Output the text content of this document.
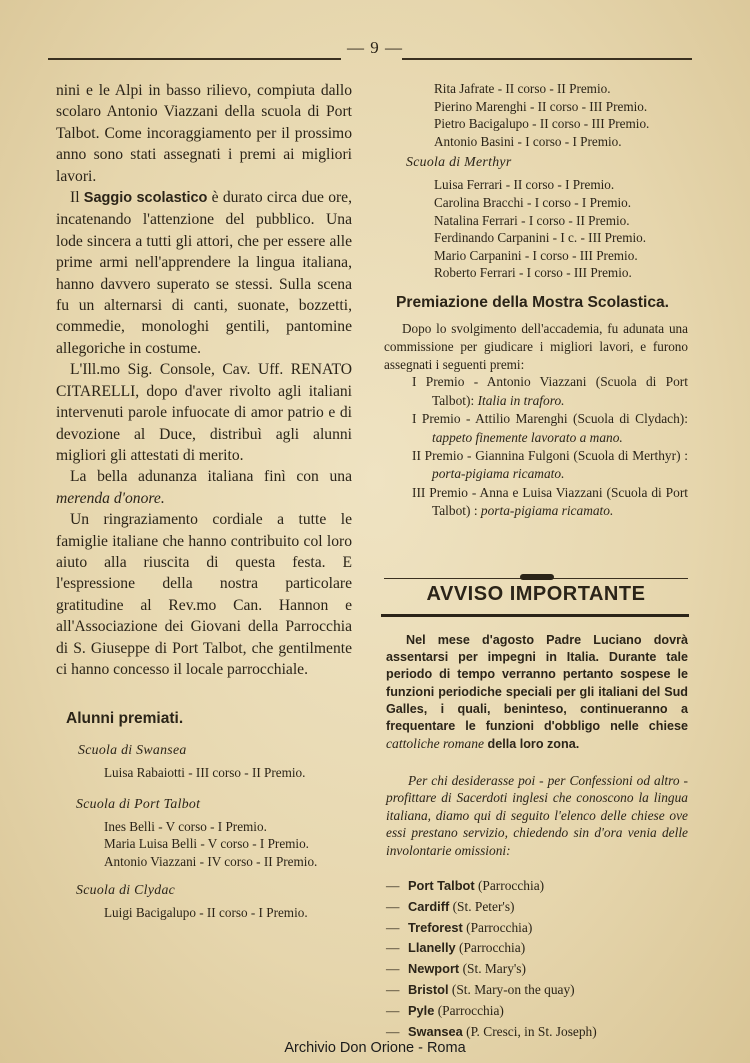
— 9 —

nini e le Alpi in basso rilievo, compiuta dallo scolaro Antonio Viazzani della scuola di Port Talbot. Come incoraggiamento per il prossimo anno sono stati assegnati i premi ai migliori lavori.

Il Saggio scolastico è durato circa due ore, incatenando l'attenzione del pubblico. Una lode sincera a tutti gli attori, che per essere alle prime armi nell'apprendere la lingua italiana, hanno davvero superato se stessi. Sulla scena fu un alternarsi di canti, suonate, bozzetti, commedie, monologhi gentili, pantomine allegoriche in costume.

L'Ill.mo Sig. Console, Cav. Uff. RENATO CITARELLI, dopo d'aver rivolto agli italiani intervenuti parole infuocate di amor patrio e di devozione al Duce, distribuì agli alunni migliori gli attestati di merito.

La bella adunanza italiana finì con una merenda d'onore.

Un ringraziamento cordiale a tutte le famiglie italiane che hanno contribuito col loro aiuto alla riuscita di questa festa. E l'espressione della nostra particolare gratitudine al Rev.mo Can. Hannon e all'Associazione dei Giovani della Parrocchia di S. Giuseppe di Port Talbot, che gentilmente ci hanno concesso il locale parrocchiale.

Alunni premiati.

Scuola di Swansea

Luisa Rabaiotti - III corso - II Premio.

Scuola di Port Talbot

Ines Belli - V corso - I Premio.

Maria Luisa Belli - V corso - I Premio.

Antonio Viazzani - IV corso - II Premio.

Scuola di Clydac

Luigi Bacigalupo - II corso - I Premio.

Rita Jafrate - II corso - II Premio.

Pierino Marenghi - II corso - III Premio.

Pietro Bacigalupo - II corso - III Premio.

Antonio Basini - I corso - I Premio.

Scuola di Merthyr

Luisa Ferrari - II corso - I Premio.

Carolina Bracchi - I corso - I Premio.

Natalina Ferrari - I corso - II Premio.

Ferdinando Carpanini - I c. - III Premio.

Mario Carpanini - I corso - III Premio.

Roberto Ferrari - I corso - III Premio.

Premiazione della Mostra Scolastica.

Dopo lo svolgimento dell'accademia, fu adunata una commissione per giudicare i migliori lavori, e furono assegnati i seguenti premi:

I Premio - Antonio Viazzani (Scuola di Port Talbot): Italia in traforo.

I Premio - Attilio Marenghi (Scuola di Clydach): tappeto finemente lavorato a mano.

II Premio - Giannina Fulgoni (Scuola di Merthyr) : porta-pigiama ricamato.

III Premio - Anna e Luisa Viazzani (Scuola di Port Talbot) : porta-pigiama ricamato.

AVVISO IMPORTANTE

Nel mese d'agosto Padre Luciano dovrà assentarsi per impegni in Italia. Durante tale periodo di tempo verranno pertanto sospese le funzioni periodiche speciali per gli italiani del Sud Galles, i quali, beninteso, continueranno a frequentare le funzioni d'obbligo nelle chiese cattoliche romane della loro zona.

Per chi desiderasse poi - per Confessioni od altro - profittare di Sacerdoti inglesi che conoscono la lingua italiana, diamo qui di seguito l'elenco delle chiese ove essi prestano servizio, chiedendo sin d'ora venia delle involontarie omissioni:

— Port Talbot (Parrocchia)
— Cardiff (St. Peter's)
— Treforest (Parrocchia)
— Llanelly (Parrocchia)
— Newport (St. Mary's)
— Bristol (St. Mary-on the quay)
— Pyle (Parrocchia)
— Swansea (P. Cresci, in St. Joseph)
Archivio Don Orione - Roma
